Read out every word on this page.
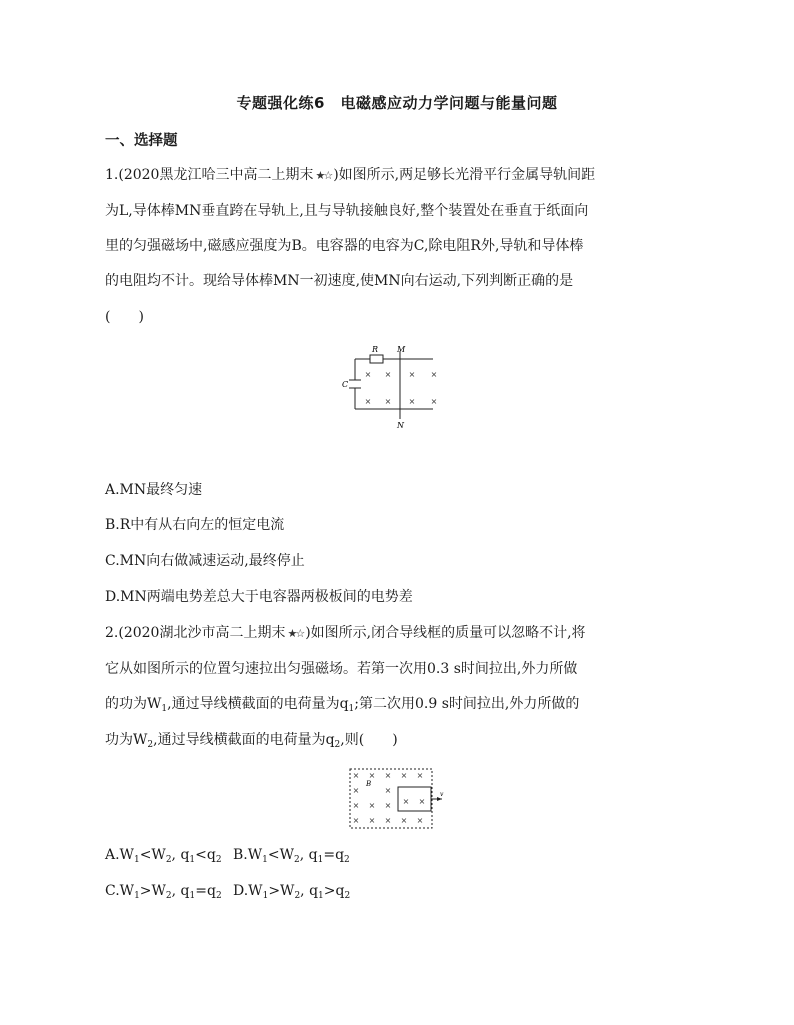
专题强化练6　电磁感应动力学问题与能量问题
一、选择题
1.(2020黑龙江哈三中高二上期末 ★☆ )如图所示,两足够长光滑平行金属导轨间距
为L,导体棒MN垂直跨在导轨上,且与导轨接触良好,整个装置处在垂直于纸面向
里的匀强磁场中,磁感应强度为B。电容器的电容为C,除电阻R外,导轨和导体棒
的电阻均不计。现给导体棒MN一初速度,使MN向右运动,下列判断正确的是
(　　)
R M
N
C
× × × ×
× × × ×
A.MN最终匀速
B.R中有从右向左的恒定电流
C.MN向右做减速运动,最终停止
D.MN两端电势差总大于电容器两极板间的电势差
2.(2020湖北沙市高二上期末 ★☆ )如图所示,闭合导线框的质量可以忽略不计,将
它从如图所示的位置匀速拉出匀强磁场。若第一次用0.3 s时间拉出,外力所做
的功为$W_1$,通过导线横截面的电荷量为$q_1$;第二次用0.9 s时间拉出,外力所做的
功为$W_2$,通过导线横截面的电荷量为$q_2$,则(　　)
v
B
× × × × ×
×	×
× × × × ×
× × × × ×
$A.W_1<W_2$, $q_1<q_2$ $B.W_1<W_2$, $q_1=q_2$
$C.W_1>W_2$, $q_1=q_2$ $D.W_1>W_2$, $q_1>q_2$
